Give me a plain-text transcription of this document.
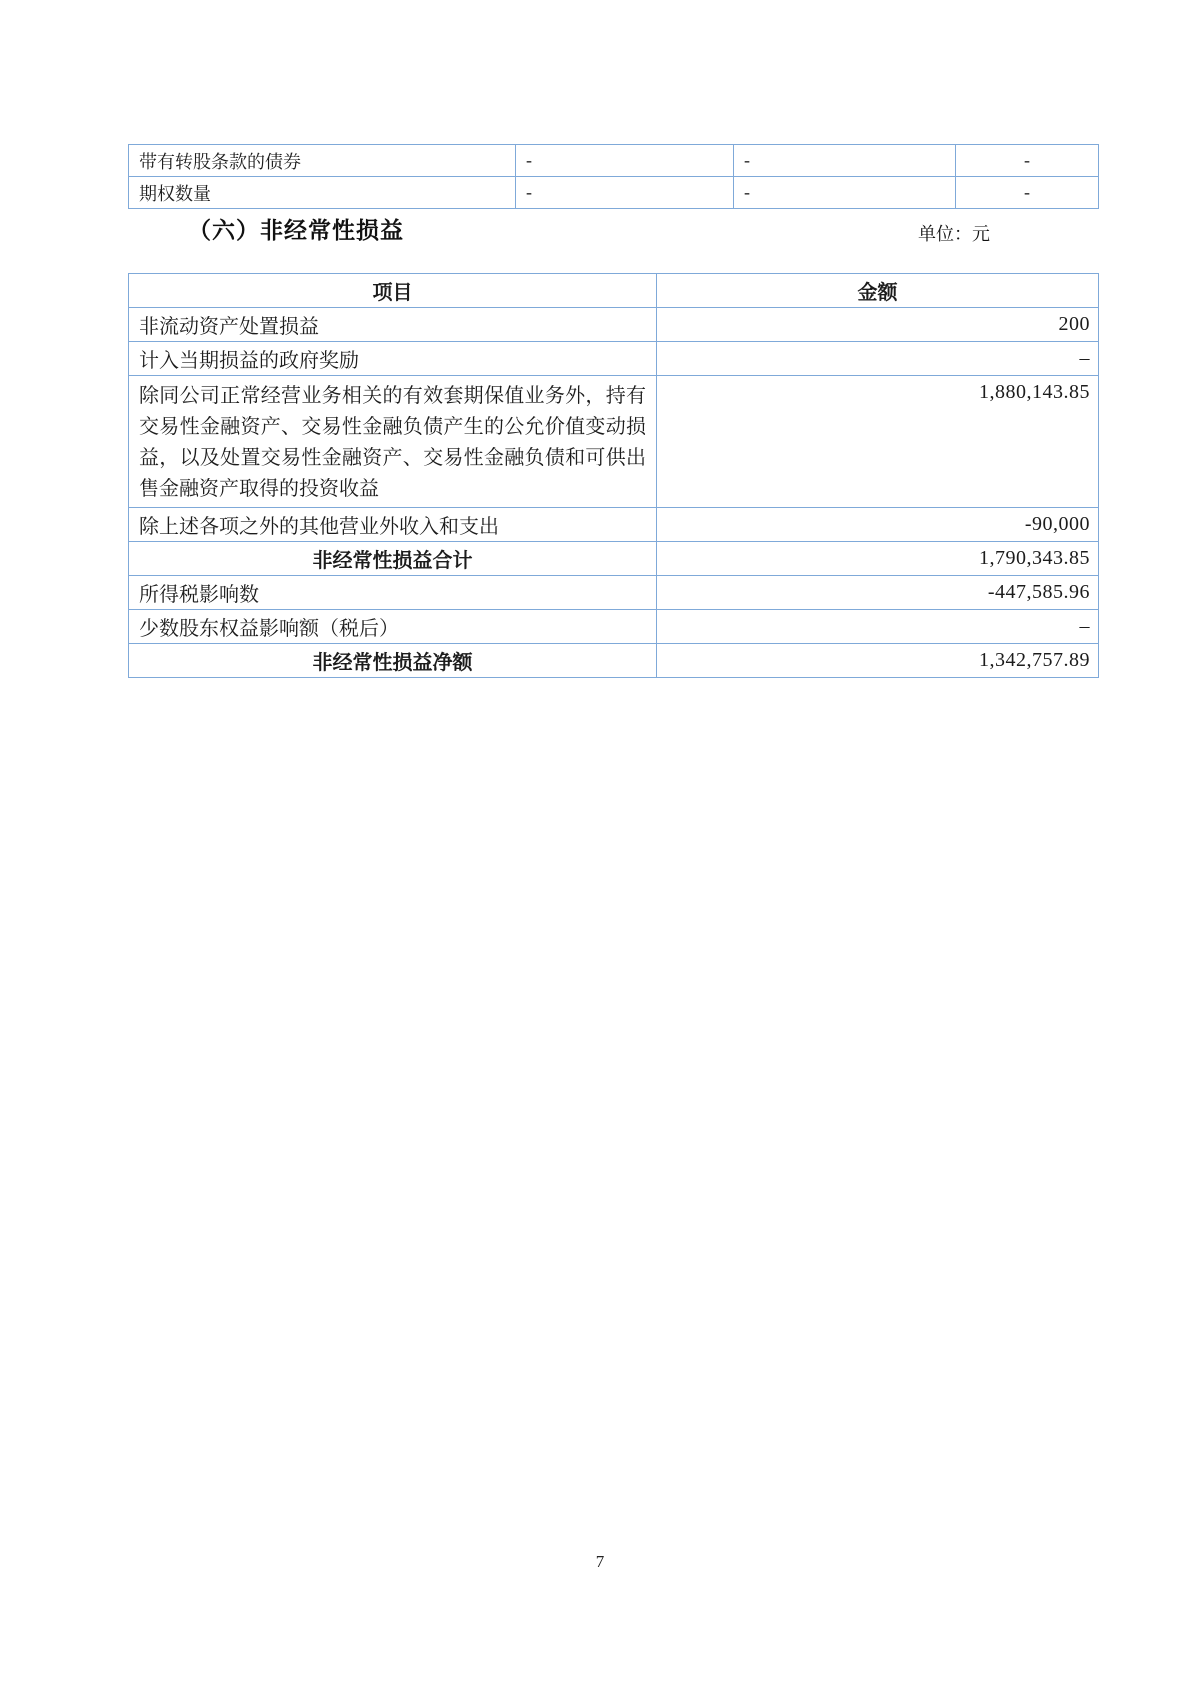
带有转股条款的债券	-	-	-
期权数量	-	-	-
（六）非经常性损益	单位：元
项目	金额
非流动资产处置损益	200
计入当期损益的政府奖励	–
除同公司正常经营业务相关的有效套期保值业务外，持有交易性金融资产、交易性金融负债产生的公允价值变动损益，以及处置交易性金融资产、交易性金融负债和可供出售金融资产取得的投资收益	1,880,143.85
除上述各项之外的其他营业外收入和支出	-90,000
非经常性损益合计	1,790,343.85
所得税影响数	-447,585.96
少数股东权益影响额（税后）	–
非经常性损益净额	1,342,757.89
7
